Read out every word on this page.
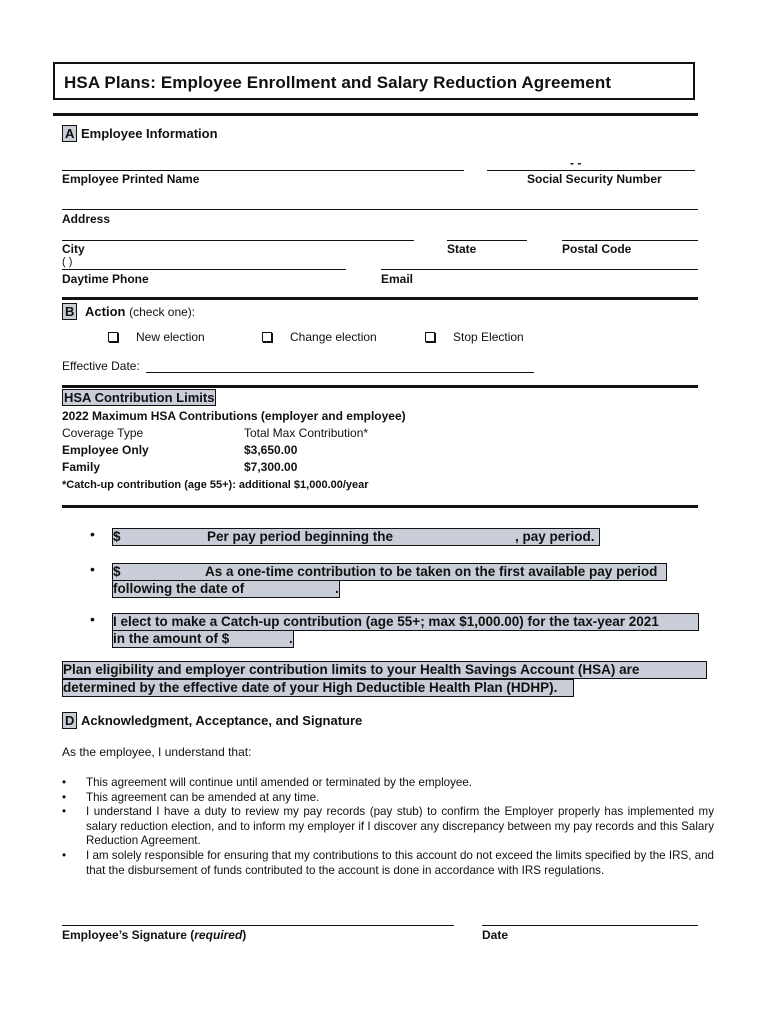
HSA Plans: Employee Enrollment and Salary Reduction Agreement
A Employee Information
- -
Employee Printed Name	Social Security Number
Address
City	State	Postal Code
( )
Daytime Phone	Email
B Action (check one):
New election	Change election	Stop Election
Effective Date:
HSA Contribution Limits
2022 Maximum HSA Contributions (employer and employee)
Coverage Type	Total Max Contribution*
Employee Only	$3,650.00
Family	$7,300.00
*Catch-up contribution (age 55+): additional $1,000.00/year
• $	Per pay period beginning the	, pay period.
• $	As a one-time contribution to be taken on the first available pay period
following the date of	.
• I elect to make a Catch-up contribution (age 55+; max $1,000.00) for the tax-year 2021
in the amount of $	.
Plan eligibility and employer contribution limits to your Health Savings Account (HSA) are
determined by the effective date of your High Deductible Health Plan (HDHP).
D Acknowledgment, Acceptance, and Signature
As the employee, I understand that:
• This agreement will continue until amended or terminated by the employee.
• This agreement can be amended at any time.
• I understand I have a duty to review my pay records (pay stub) to confirm the Employer properly has implemented my salary reduction election, and to inform my employer if I discover any discrepancy between my pay records and this Salary Reduction Agreement.
• I am solely responsible for ensuring that my contributions to this account do not exceed the limits specified by the IRS, and that the disbursement of funds contributed to the account is done in accordance with IRS regulations.
Employee’s Signature (required)	Date
